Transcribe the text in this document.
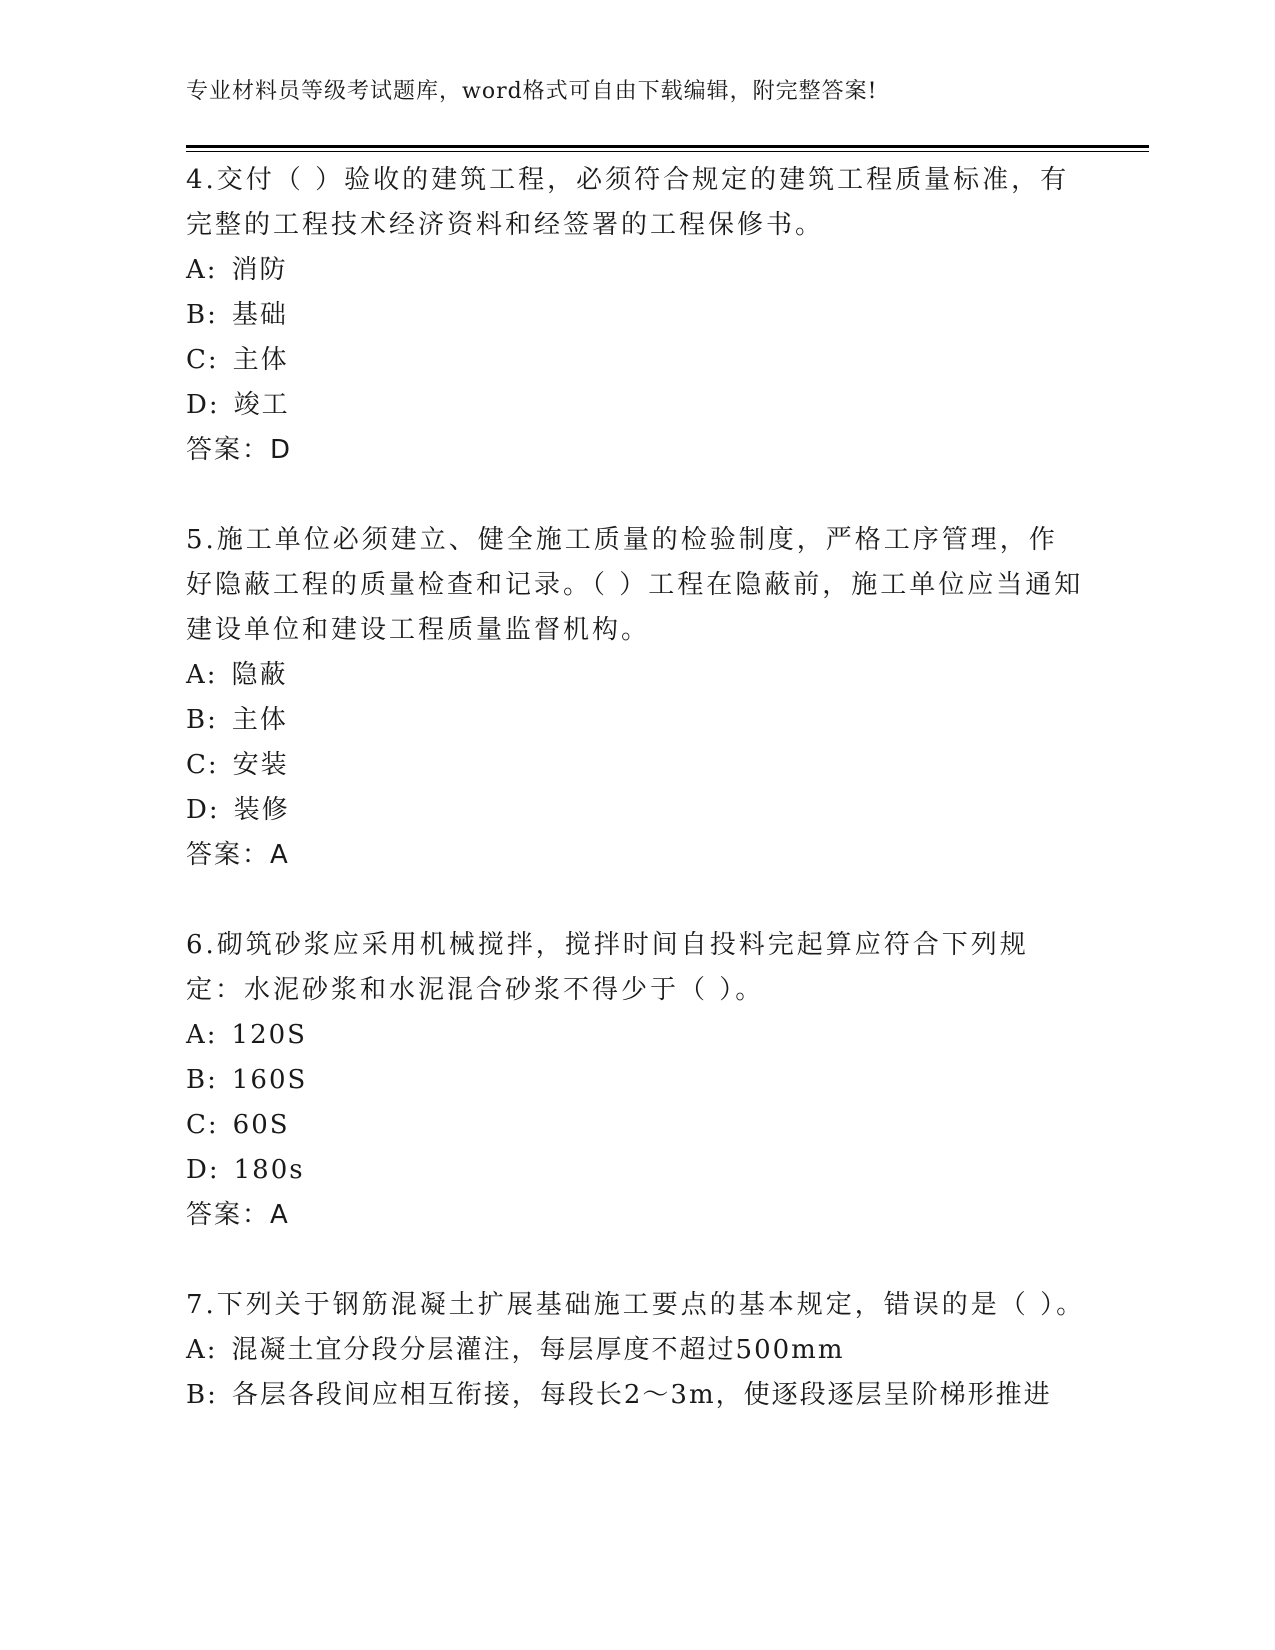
专业材料员等级考试题库，word格式可自由下载编辑，附完整答案!

4.交付（ ）验收的建筑工程，必须符合规定的建筑工程质量标准，有完整的工程技术经济资料和经签署的工程保修书。

A: 消防
B: 基础
C: 主体
D: 竣工

答案：D

5.施工单位必须建立、健全施工质量的检验制度，严格工序管理，作好隐蔽工程的质量检查和记录。（ ）工程在隐蔽前，施工单位应当通知建设单位和建设工程质量监督机构。

A: 隐蔽
B: 主体
C: 安装
D: 装修

答案：A

6.砌筑砂浆应采用机械搅拌，搅拌时间自投料完起算应符合下列规定：水泥砂浆和水泥混合砂浆不得少于（ ）。

A: 120S
B: 160S
C: 60S
D: 180s

答案：A

7.下列关于钢筋混凝土扩展基础施工要点的基本规定，错误的是（ ）。

A: 混凝土宜分段分层灌注，每层厚度不超过500mm
B: 各层各段间应相互衔接，每段长2～3m，使逐段逐层呈阶梯形推进
